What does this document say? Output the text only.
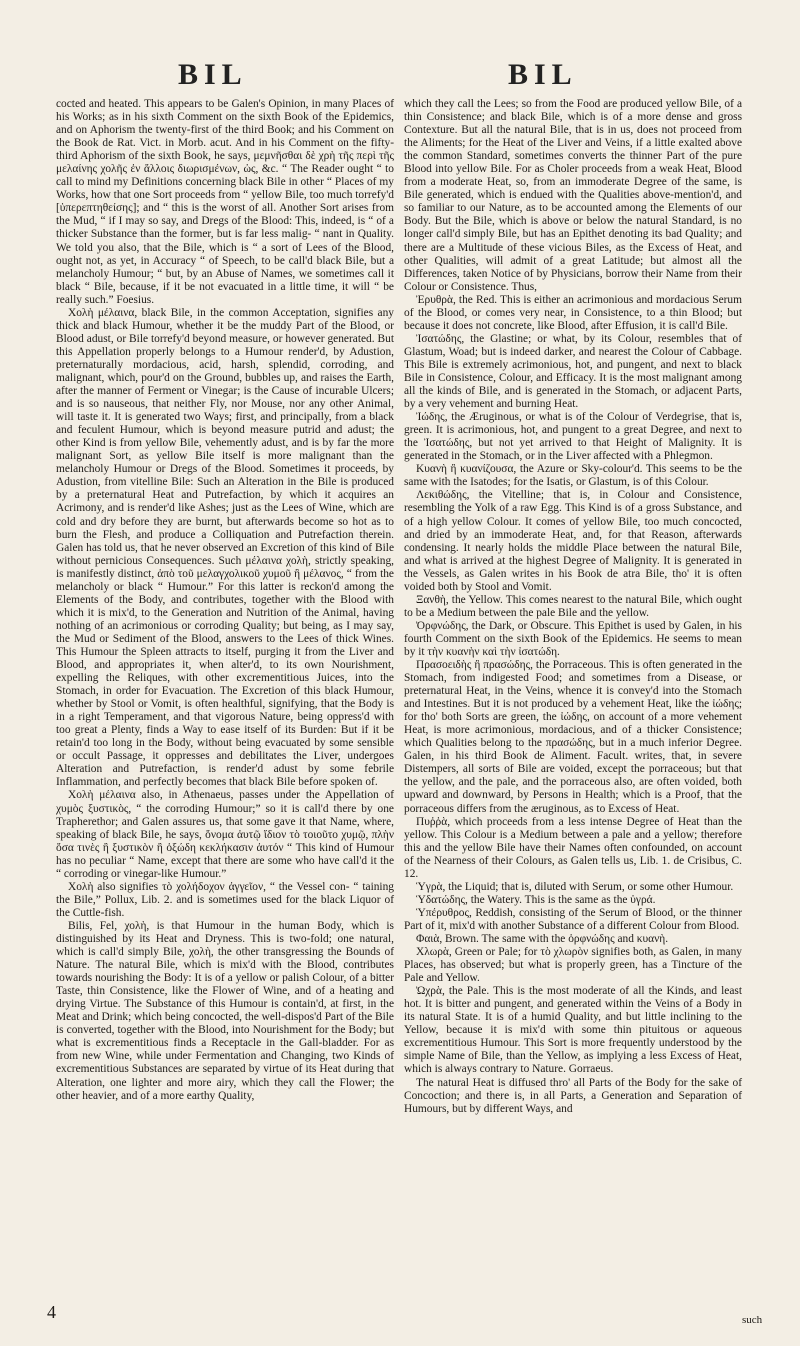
BIL	BIL

cocted and heated. This appears to be Galen's Opinion, in many Places of his Works; as in his sixth Comment on the sixth Book of the Epidemics, and on Aphorism the twenty-first of the third Book; and his Comment on the Book de Rat. Vict. in Morb. acut. And in his Comment on the fifty-third Aphorism of the sixth Book, he says, μεμνῆσθαι δὲ χρὴ τῆς περὶ τῆς μελαίνης χολῆς ἐν ἄλλοις διωρισμένων, ὡς, &c. “ The Reader ought “ to call to mind my Definitions concerning black Bile in other “ Places of my Works, how that one Sort proceeds from “ yellow Bile, too much torrefy'd [ὑπερεπτηθείσης]; and “ this is the worst of all. Another Sort arises from the Mud, “ if I may so say, and Dregs of the Blood: This, indeed, is “ of a thicker Substance than the former, but is far less malig- “ nant in Quality. We told you also, that the Bile, which is “ a sort of Lees of the Blood, ought not, as yet, in Accuracy “ of Speech, to be call'd black Bile, but a melancholy Humour; “ but, by an Abuse of Names, we sometimes call it black “ Bile, because, if it be not evacuated in a little time, it will “ be really such.” Foesius.

Χολὴ μέλαινα, black Bile, in the common Acceptation, signifies any thick and black Humour, whether it be the muddy Part of the Blood, or Blood adust, or Bile torrefy'd beyond measure, or however generated. But this Appellation properly belongs to a Humour render'd, by Adustion, preternaturally mordacious, acid, harsh, splendid, corroding, and malignant, which, pour'd on the Ground, bubbles up, and raises the Earth, after the manner of Ferment or Vinegar; is the Cause of incurable Ulcers; and is so nauseous, that neither Fly, nor Mouse, nor any other Animal, will taste it. It is generated two Ways; first, and principally, from a black and feculent Humour, which is beyond measure putrid and adust; the other Kind is from yellow Bile, vehemently adust, and is by far the more malignant Sort, as yellow Bile itself is more malignant than the melancholy Humour or Dregs of the Blood. Sometimes it proceeds, by Adustion, from vitelline Bile: Such an Alteration in the Bile is produced by a preternatural Heat and Putrefaction, by which it acquires an Acrimony, and is render'd like Ashes; just as the Lees of Wine, which are cold and dry before they are burnt, but afterwards become so hot as to burn the Flesh, and produce a Colliquation and Putrefaction therein. Galen has told us, that he never observed an Excretion of this kind of Bile without pernicious Consequences. Such μέλαινα χολὴ, strictly speaking, is manifestly distinct, ἀπὸ τοῦ μελαγχολικοῦ χυμοῦ ἢ μέλανος, “ from the melancholy or black “ Humour.” For this latter is reckon'd among the Elements of the Body, and contributes, together with the Blood with which it is mix'd, to the Generation and Nutrition of the Animal, having nothing of an acrimonious or corroding Quality; but being, as I may say, the Mud or Sediment of the Blood, answers to the Lees of thick Wines. This Humour the Spleen attracts to itself, purging it from the Liver and Blood, and appropriates it, when alter'd, to its own Nourishment, expelling the Reliques, with other excrementitious Juices, into the Stomach, in order for Evacuation. The Excretion of this black Humour, whether by Stool or Vomit, is often healthful, signifying, that the Body is in a right Temperament, and that vigorous Nature, being oppress'd with too great a Plenty, finds a Way to ease itself of its Burden: But if it be retain'd too long in the Body, without being evacuated by some sensible or occult Passage, it oppresses and debilitates the Liver, undergoes Alteration and Putrefaction, is render'd adust by some febrile Inflammation, and perfectly becomes that black Bile before spoken of.

Χολὴ μέλαινα also, in Athenaeus, passes under the Appellation of χυμὸς ξυστικὸς, “ the corroding Humour;” so it is call'd there by one Trapherethor; and Galen assures us, that some gave it that Name, where, speaking of black Bile, he says, ὄνομα ἀυτῷ ἴδιον τὸ τοιοῦτο χυμῷ, πλὴν ὅσα τινὲς ἢ ξυστικὸν ἢ ὀξώδη κεκλήκασιν ἀυτόν “ This kind of Humour has no peculiar “ Name, except that there are some who have call'd it the “ corroding or vinegar-like Humour.”

Χολὴ also signifies τὸ χολήδοχον ἀγγεῖον, “ the Vessel con- “ taining the Bile,” Pollux, Lib. 2. and is sometimes used for the black Liquor of the Cuttle-fish.

Bilis, Fel, χολὴ, is that Humour in the human Body, which is distinguished by its Heat and Dryness. This is two-fold; one natural, which is call'd simply Bile, χολὴ, the other transgressing the Bounds of Nature. The natural Bile, which is mix'd with the Blood, contributes towards nourishing the Body: It is of a yellow or palish Colour, of a bitter Taste, thin Consistence, like the Flower of Wine, and of a heating and drying Virtue. The Substance of this Humour is contain'd, at first, in the Meat and Drink; which being concocted, the well-dispos'd Part of the Bile is converted, together with the Blood, into Nourishment for the Body; but what is excrementitious finds a Receptacle in the Gall-bladder. For as from new Wine, while under Fermentation and Changing, two Kinds of excrementitious Substances are separated by virtue of its Heat during that Alteration, one lighter and more airy, which they call the Flower; the other heavier, and of a more earthy Quality,

which they call the Lees; so from the Food are produced yellow Bile, of a thin Consistence; and black Bile, which is of a more dense and gross Contexture. But all the natural Bile, that is in us, does not proceed from the Aliments; for the Heat of the Liver and Veins, if a little exalted above the common Standard, sometimes converts the thinner Part of the pure Blood into yellow Bile. For as Choler proceeds from a weak Heat, Blood from a moderate Heat, so, from an immoderate Degree of the same, is Bile generated, which is endued with the Qualities above-mention'd, and so familiar to our Nature, as to be accounted among the Elements of our Body. But the Bile, which is above or below the natural Standard, is no longer call'd simply Bile, but has an Epithet denoting its bad Quality; and there are a Multitude of these vicious Biles, as the Excess of Heat, and other Qualities, will admit of a great Latitude; but almost all the Differences, taken Notice of by Physicians, borrow their Name from their Colour or Consistence. Thus,

Ἐρυθρὰ, the Red. This is either an acrimonious and mordacious Serum of the Blood, or comes very near, in Consistence, to a thin Blood; but because it does not concrete, like Blood, after Effusion, it is call'd Bile.

Ἰσατώδης, the Glastine; or what, by its Colour, resembles that of Glastum, Woad; but is indeed darker, and nearest the Colour of Cabbage. This Bile is extremely acrimonious, hot, and pungent, and next to black Bile in Consistence, Colour, and Efficacy. It is the most malignant among all the kinds of Bile, and is generated in the Stomach, or adjacent Parts, by a very vehement and burning Heat.

Ἰώδης, the Æruginous, or what is of the Colour of Verdegrise, that is, green. It is acrimonious, hot, and pungent to a great Degree, and next to the Ἰσατώδης, but not yet arrived to that Height of Malignity. It is generated in the Stomach, or in the Liver affected with a Phlegmon.

Κυανὴ ἢ κυανίζουσα, the Azure or Sky-colour'd. This seems to be the same with the Isatodes; for the Isatis, or Glastum, is of this Colour.

Λεκιθώδης, the Vitelline; that is, in Colour and Consistence, resembling the Yolk of a raw Egg. This Kind is of a gross Substance, and of a high yellow Colour. It comes of yellow Bile, too much concocted, and dried by an immoderate Heat, and, for that Reason, afterwards condensing. It nearly holds the middle Place between the natural Bile, and what is arrived at the highest Degree of Malignity. It is generated in the Vessels, as Galen writes in his Book de atra Bile, tho' it is often voided both by Stool and Vomit.

Ξανθὴ, the Yellow. This comes nearest to the natural Bile, which ought to be a Medium between the pale Bile and the yellow.

Ὀρφνώδης, the Dark, or Obscure. This Epithet is used by Galen, in his fourth Comment on the sixth Book of the Epidemics. He seems to mean by it τὴν κυανὴν καὶ τὴν ἰσατώδη.

Πρασοειδὴς ἢ πρασώδης, the Porraceous. This is often generated in the Stomach, from indigested Food; and sometimes from a Disease, or preternatural Heat, in the Veins, whence it is convey'd into the Stomach and Intestines. But it is not produced by a vehement Heat, like the ἰώδης; for tho' both Sorts are green, the ἰώδης, on account of a more vehement Heat, is more acrimonious, mordacious, and of a thicker Consistence; which Qualities belong to the πρασώδης, but in a much inferior Degree. Galen, in his third Book de Aliment. Facult. writes, that, in severe Distempers, all sorts of Bile are voided, except the porraceous; but that the yellow, and the pale, and the porraceous also, are often voided, both upward and downward, by Persons in Health; which is a Proof, that the porraceous differs from the æruginous, as to Excess of Heat.

Πυῤῥὰ, which proceeds from a less intense Degree of Heat than the yellow. This Colour is a Medium between a pale and a yellow; therefore this and the yellow Bile have their Names often confounded, on account of the Nearness of their Colours, as Galen tells us, Lib. 1. de Crisibus, C. 12.

Ὑγρὰ, the Liquid; that is, diluted with Serum, or some other Humour.

Ὑδατώδης, the Watery. This is the same as the ὑγρά.

Ὑπέρυθρος, Reddish, consisting of the Serum of Blood, or the thinner Part of it, mix'd with another Substance of a different Colour from Blood.

Φαιὰ, Brown. The same with the ὀρφνώδης and κυανὴ.

Χλωρὰ, Green or Pale; for τὸ χλωρὸν signifies both, as Galen, in many Places, has observed; but what is properly green, has a Tincture of the Pale and Yellow.

Ὠχρὰ, the Pale. This is the most moderate of all the Kinds, and least hot. It is bitter and pungent, and generated within the Veins of a Body in its natural State. It is of a humid Quality, and but little inclining to the Yellow, because it is mix'd with some thin pituitous or aqueous excrementitious Humour. This Sort is more frequently understood by the simple Name of Bile, than the Yellow, as implying a less Excess of Heat, which is always contrary to Nature. Gorraeus.

The natural Heat is diffused thro' all Parts of the Body for the sake of Concoction; and there is, in all Parts, a Generation and Separation of Humours, but by different Ways, and

4	such
